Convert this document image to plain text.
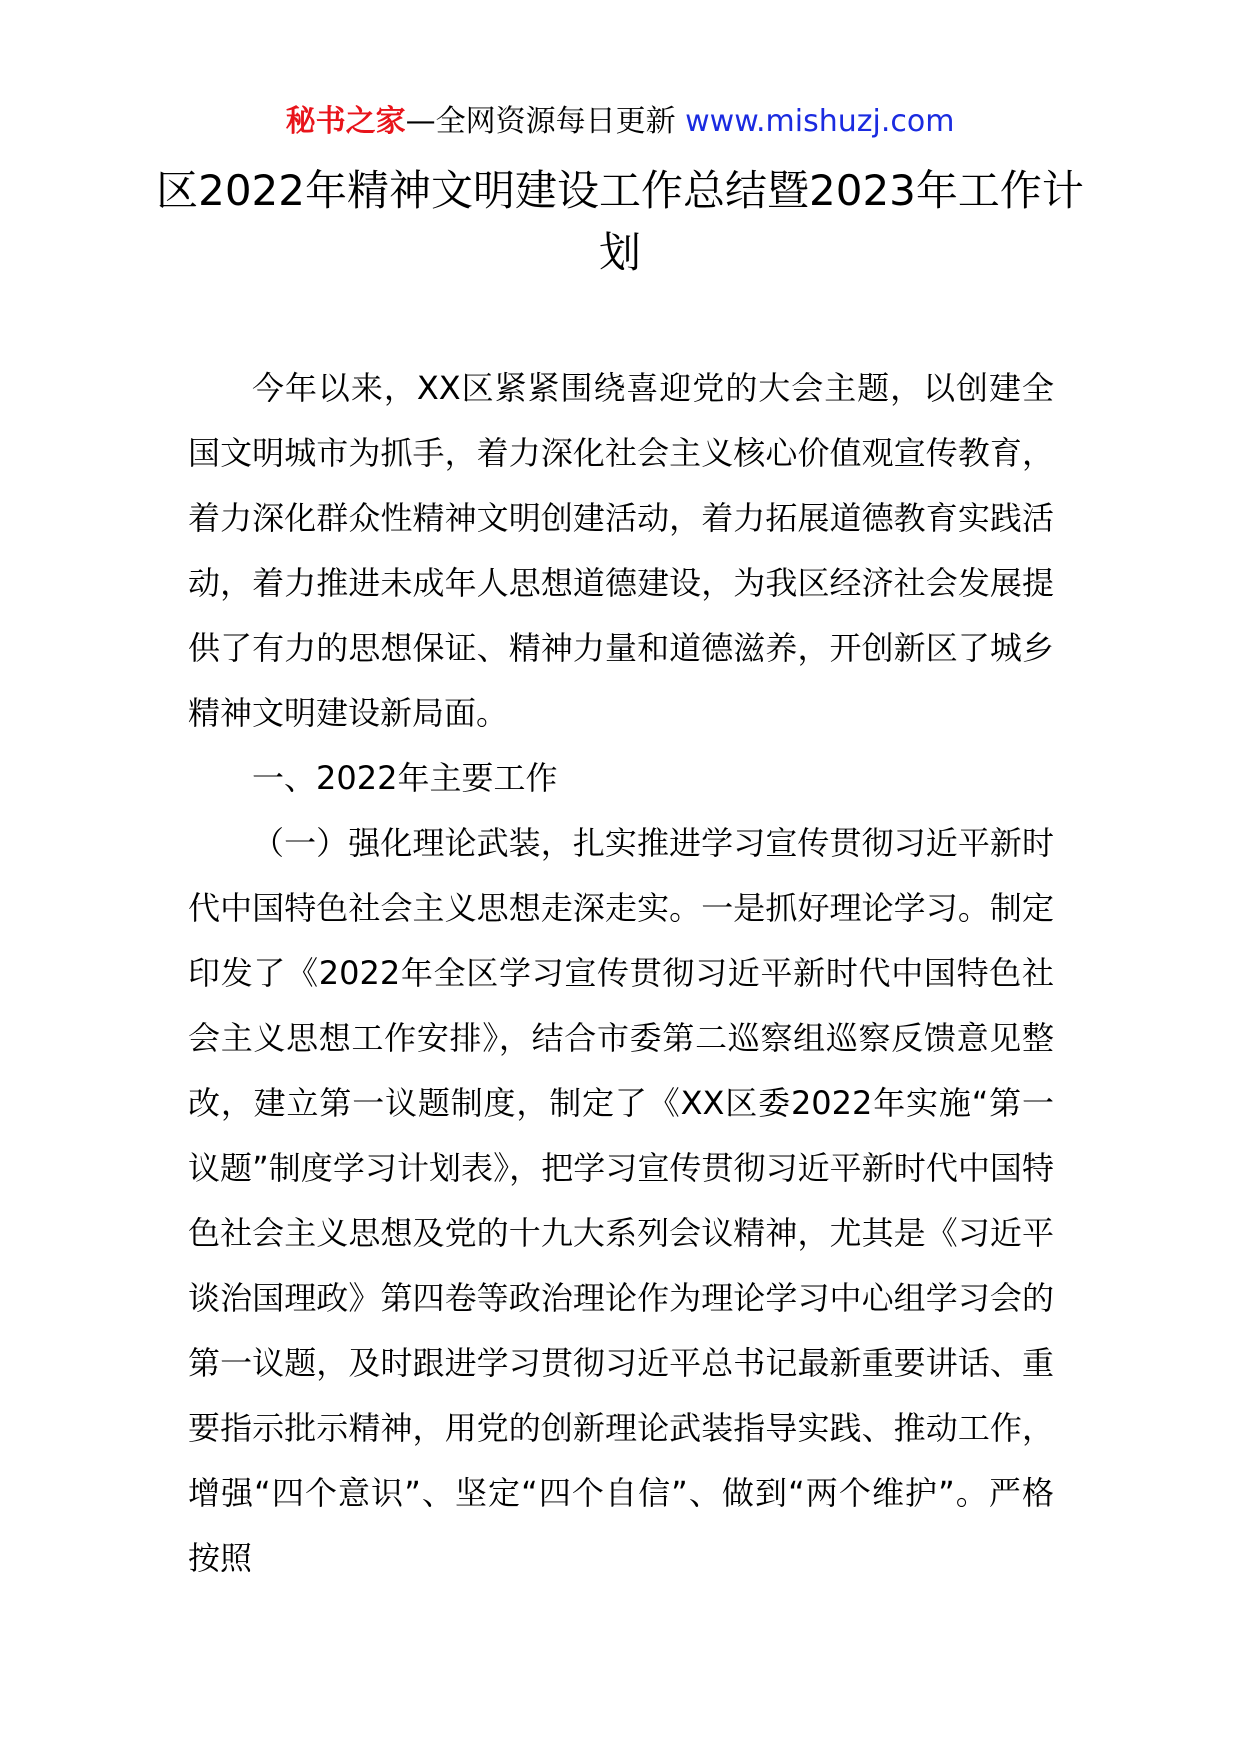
秘书之家—全网资源每日更新 www.mishuzj.com
区2022年精神文明建设工作总结暨2023年工作计划

今年以来，XX区紧紧围绕喜迎党的大会主题，以创建全国文明城市为抓手，着力深化社会主义核心价值观宣传教育，着力深化群众性精神文明创建活动，着力拓展道德教育实践活动，着力推进未成年人思想道德建设，为我区经济社会发展提供了有力的思想保证、精神力量和道德滋养，开创新区了城乡精神文明建设新局面。

一、2022年主要工作

（一）强化理论武装，扎实推进学习宣传贯彻习近平新时代中国特色社会主义思想走深走实。一是抓好理论学习。制定印发了《2022年全区学习宣传贯彻习近平新时代中国特色社会主义思想工作安排》，结合市委第二巡察组巡察反馈意见整改，建立第一议题制度，制定了《XX区委2022年实施“第一议题”制度学习计划表》，把学习宣传贯彻习近平新时代中国特色社会主义思想及党的十九大系列会议精神，尤其是《习近平谈治国理政》第四卷等政治理论作为理论学习中心组学习会的第一议题，及时跟进学习贯彻习近平总书记最新重要讲话、重要指示批示精神，用党的创新理论武装指导实践、推动工作，增强“四个意识”、坚定“四个自信”、做到“两个维护”。严格按照
